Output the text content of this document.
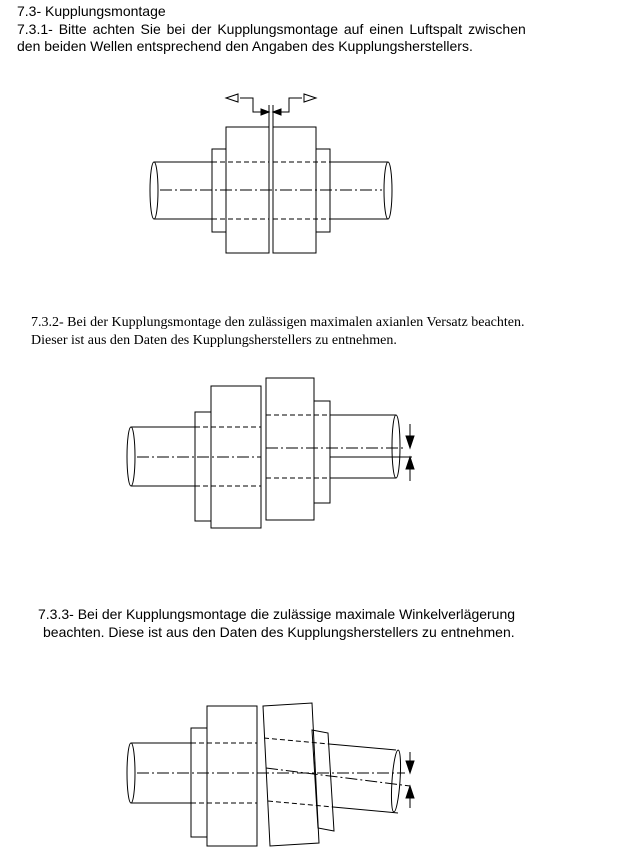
7.3- Kupplungsmontage
7.3.1- Bitte achten Sie bei der Kupplungsmontage auf einen Luftspalt zwischen
den beiden Wellen entsprechend den Angaben des Kupplungsherstellers.
7.3.2- Bei der Kupplungsmontage den zulässigen maximalen axianlen Versatz beachten.
Dieser ist aus den Daten des Kupplungsherstellers zu entnehmen.
7.3.3- Bei der Kupplungsmontage die zulässige maximale Winkelverlägerung
beachten. Diese ist aus den Daten des Kupplungsherstellers zu entnehmen.
